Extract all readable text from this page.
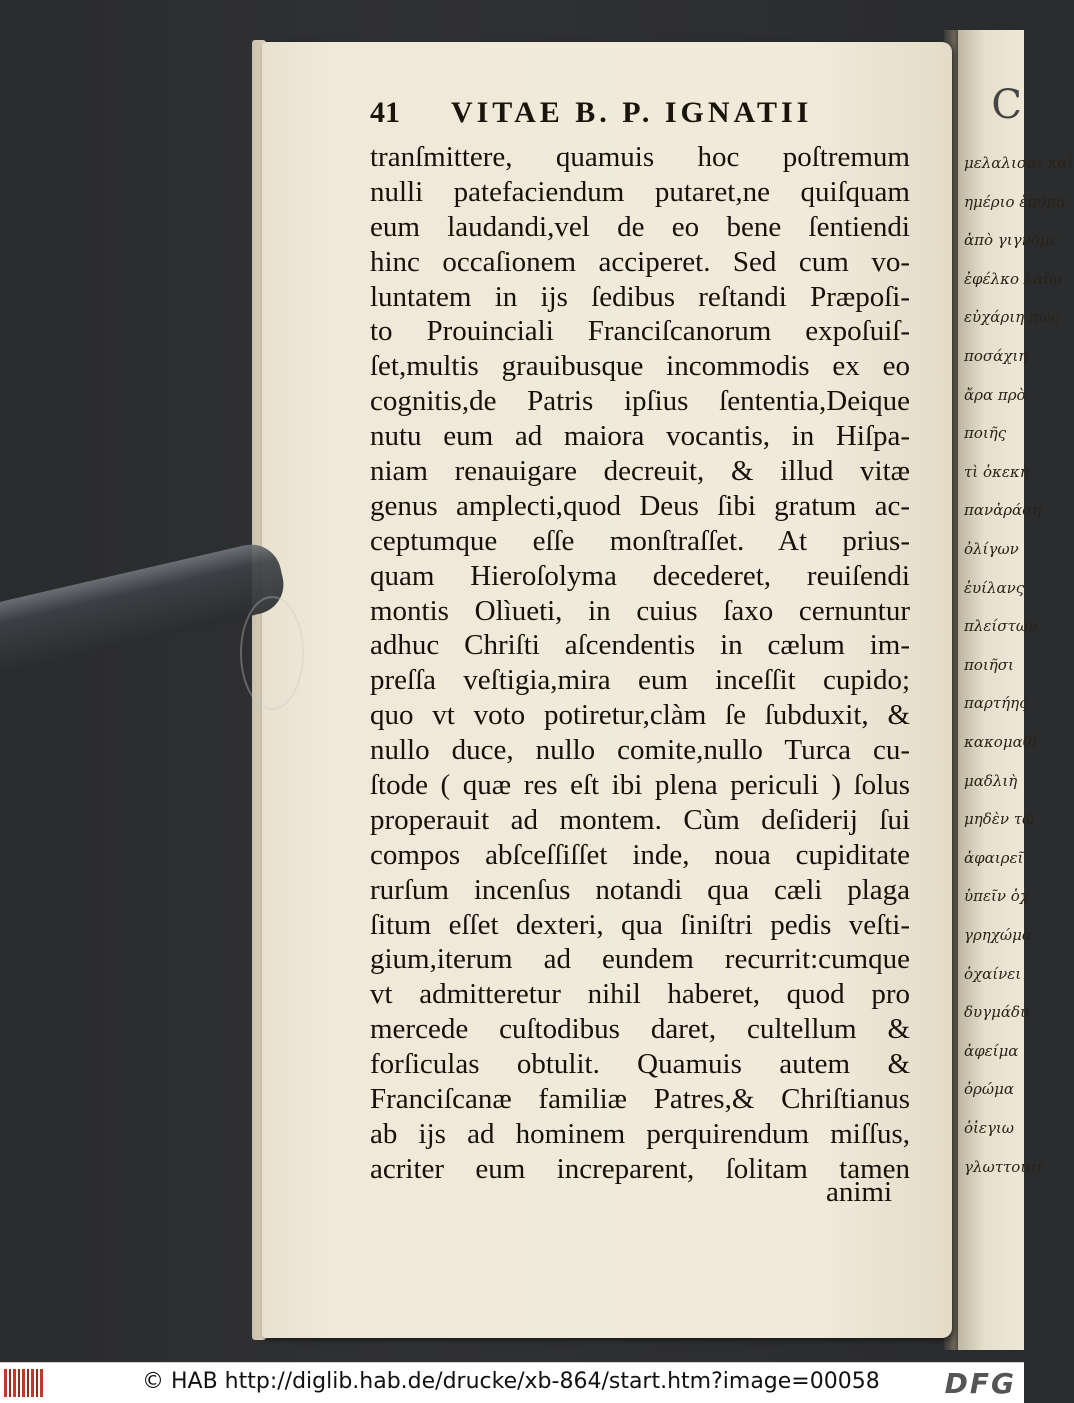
C
μελαλισαι καὶ
ημέριο ἑπόμα
ἀπὸ γιγνόμε
ἐφέλκο λαῖω
εὐχάριη πως
ποσάχιη
ἄρα πρὸ
ποιῆς
τὶ ὀκεκὴ
πανἀράση
ὀλίγων
ἐυίλανς
πλείστων
ποιῆσι
παρτήης
κακομαθί
μαδλιὴ
μηδὲν τῶ
ἀφαιρεῖ
ὑπεῖν ὁχ
γρηχώμα
ὁχαίνει
δυγμάδυ
ἀφείμα
ὀρώμα
ὁἰεγιω
γλωττοισί
41 VITAE B. P. IGNATII
tranſmittere, quamuis hoc poſtremum
nulli patefaciendum putaret,ne quiſquam
eum laudandi,vel de eo bene ſentiendi
hinc occaſionem acciperet. Sed cum vo-
luntatem in ijs ſedibus reſtandi Præpoſi-
to Prouinciali Franciſcanorum expoſuiſ-
ſet,multis grauibusque incommodis ex eo
cognitis,de Patris ipſius ſententia,Deique
nutu eum ad maiora vocantis, in Hiſpa-
niam renauigare decreuit, & illud vitæ
genus amplecti,quod Deus ſibi gratum ac-
ceptumque eſſe monſtraſſet. At prius-
quam Hieroſolyma decederet, reuiſendi
montis Olìueti, in cuius ſaxo cernuntur
adhuc Chriſti aſcendentis in cælum im-
preſſa veſtigia,mira eum inceſſit cupido;
quo vt voto potiretur,clàm ſe ſubduxit, &
nullo duce, nullo comite,nullo Turca cu-
ſtode ( quæ res eſt ibi plena periculi ) ſolus
properauit ad montem. Cùm deſiderij ſui
compos abſceſſiſſet inde, noua cupiditate
rurſum incenſus notandi qua cæli plaga
ſitum eſſet dexteri, qua ſiniſtri pedis veſti-
gium,iterum ad eundem recurrit:cumque
vt admitteretur nihil haberet, quod pro
mercede cuſtodibus daret, cultellum &
forſiculas obtulit. Quamuis autem &
Franciſcanæ familiæ Patres,& Chriſtianus
ab ijs ad hominem perquirendum miſſus,
acriter eum increparent, ſolitam tamen
animi
© HAB http://diglib.hab.de/drucke/xb-864/start.htm?image=00058 DFG
